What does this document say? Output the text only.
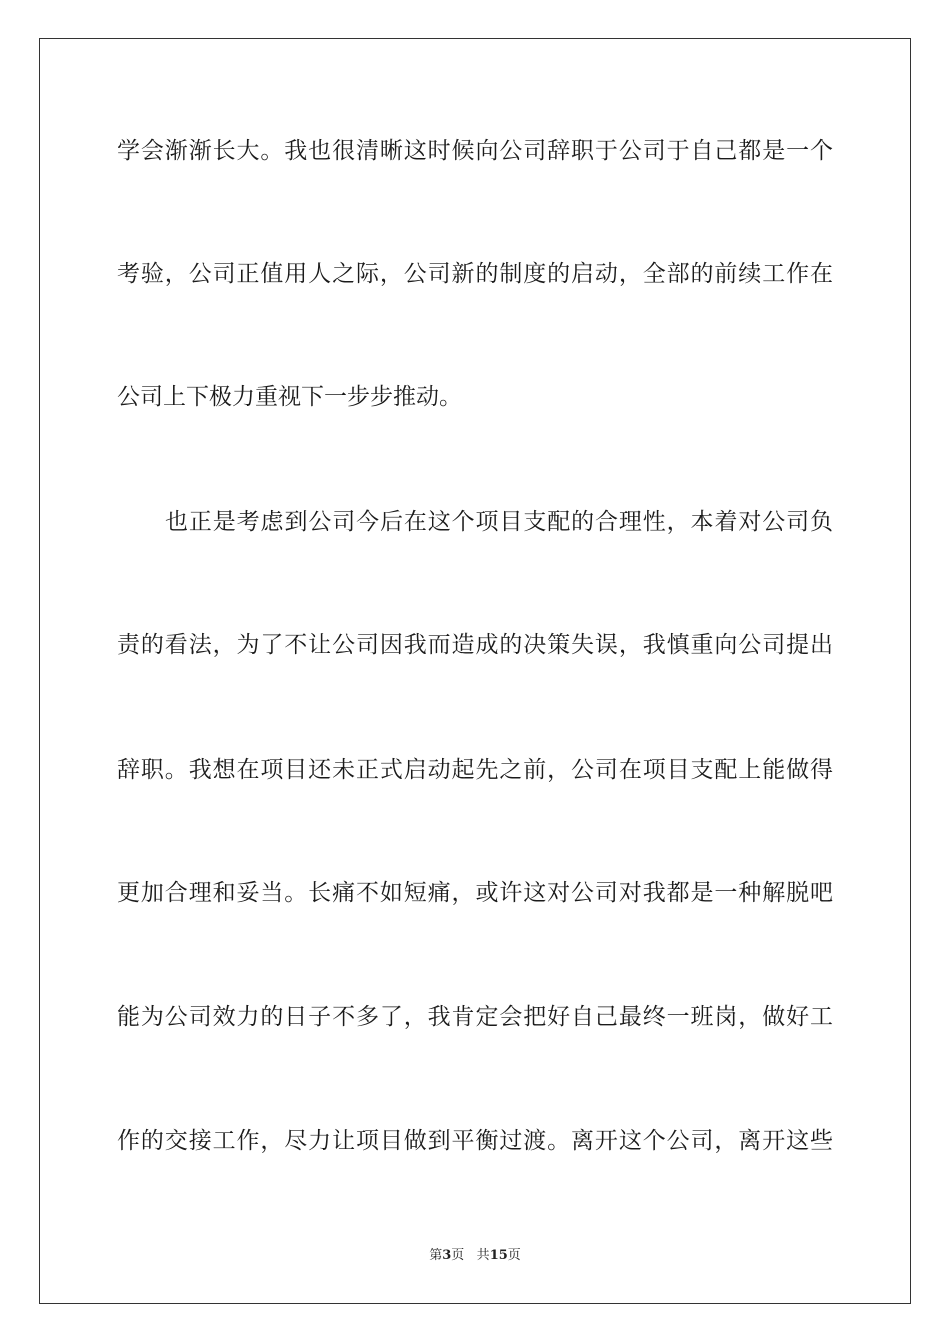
学会渐渐长大。我也很清晰这时候向公司辞职于公司于自己都是一个
考验，公司正值用人之际，公司新的制度的启动，全部的前续工作在
公司上下极力重视下一步步推动。
也正是考虑到公司今后在这个项目支配的合理性，本着对公司负
责的看法，为了不让公司因我而造成的决策失误，我慎重向公司提出
辞职。我想在项目还未正式启动起先之前，公司在项目支配上能做得
更加合理和妥当。长痛不如短痛，或许这对公司对我都是一种解脱吧
能为公司效力的日子不多了，我肯定会把好自己最终一班岗，做好工
作的交接工作，尽力让项目做到平衡过渡。离开这个公司，离开这些
第3页 共15页
